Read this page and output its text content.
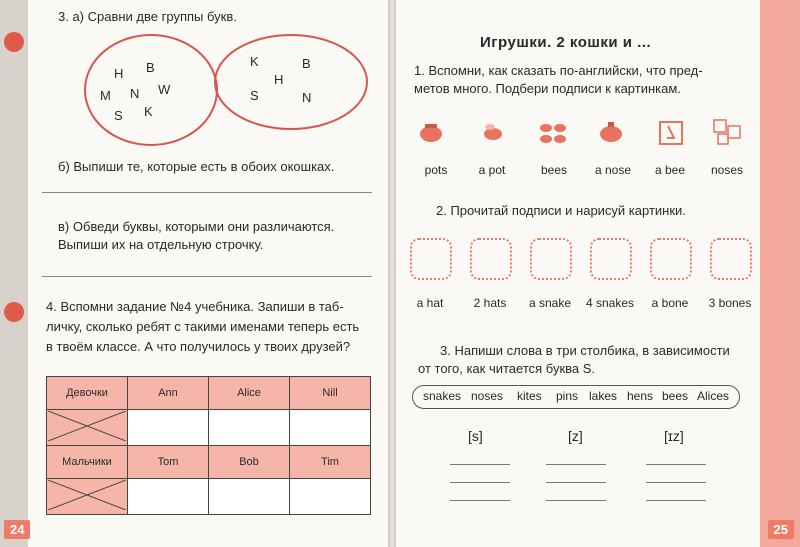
3. а) Сравни две группы букв.
H B
M N W
S K
K	B
H
S	N
б) Выпиши те, которые есть в обоих окошках.
в) Обведи буквы, которыми они различаются.
Выпиши их на отдельную строчку.
4. Вспомни задание №4 учебника. Запиши в таб-
личку, сколько ребят с такими именами теперь есть
в твоём классе. А что получилось у твоих друзей?
Девочки	Ann	Alice	Nill

Мальчики	Tom	Bob	Tim

24
Игрушки. 2 кошки и ...
1. Вспомни, как сказать по-английски, что пред-
метов много. Подбери подписи к картинкам.
pots	a pot	bees	a nose	a bee	noses
2. Прочитай подписи и нарисуй картинки.
a hat	2 hats	a snake	4 snakes	a bone	3 bones
3. Напиши слова в три столбика, в зависимости
от того, как читается буква S.
snakes noses kites pins lakes hens bees Alices
[s]	[z]	[ɪz]
25
